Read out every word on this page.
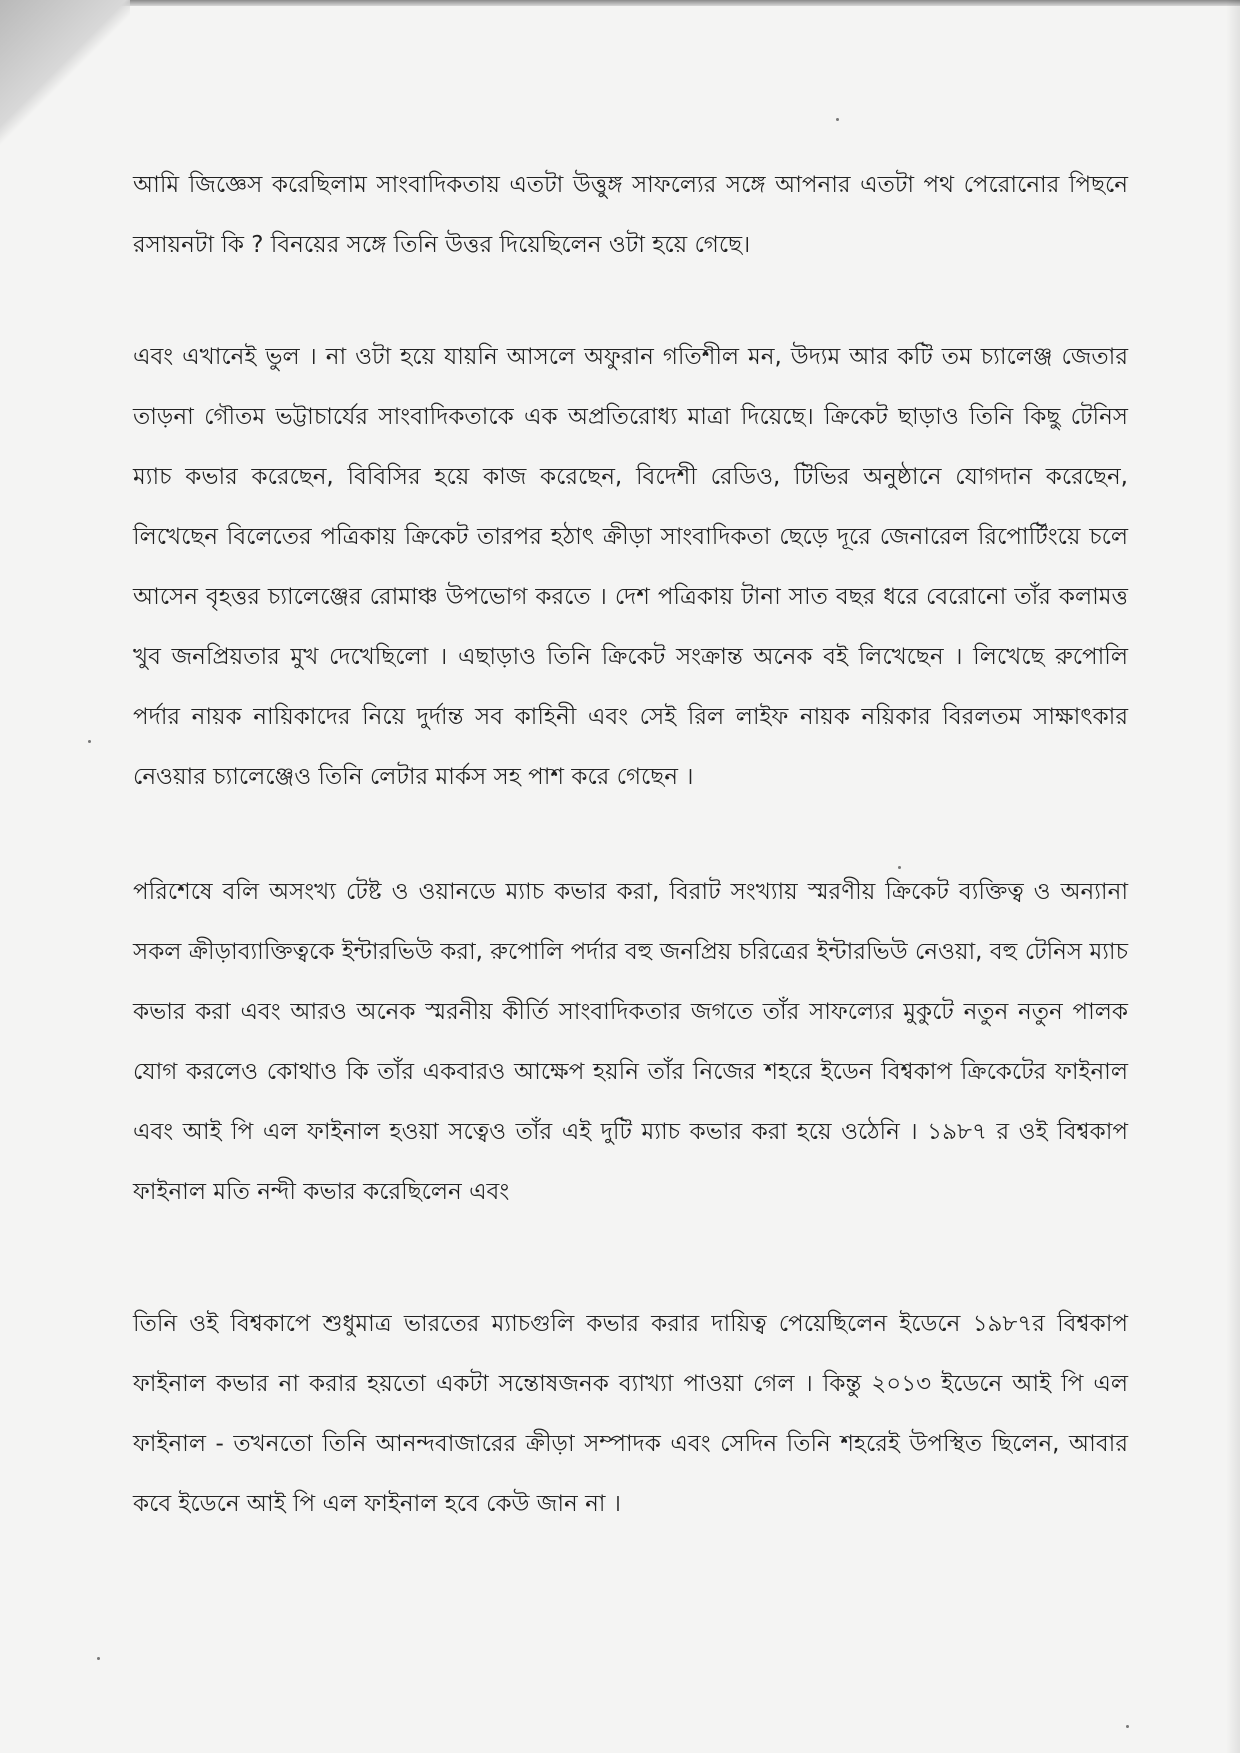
আমি জিজ্ঞেস করেছিলাম সাংবাদিকতায় এতটা উত্তুঙ্গ সাফল্যের সঙ্গে আপনার এতটা পথ পেরোনোর পিছনে রসায়নটা কি ? বিনয়ের সঙ্গে তিনি উত্তর দিয়েছিলেন ওটা হয়ে গেছে।

এবং এখানেই ভুল । না ওটা হয়ে যায়নি আসলে অফুরান গতিশীল মন, উদ্যম আর কটি তম চ্যালেঞ্জ জেতার তাড়না গৌতম ভট্টাচার্যের সাংবাদিকতাকে এক অপ্রতিরোধ্য মাত্রা দিয়েছে। ক্রিকেট ছাড়াও তিনি কিছু টেনিস ম্যাচ কভার করেছেন, বিবিসির হয়ে কাজ করেছেন, বিদেশী রেডিও, টিভির অনুষ্ঠানে যোগদান করেছেন, লিখেছেন বিলেতের পত্রিকায় ক্রিকেট তারপর হঠাৎ ক্রীড়া সাংবাদিকতা ছেড়ে দূরে জেনারেল রিপোর্টিংয়ে চলে আসেন বৃহত্তর চ্যালেঞ্জের রোমাঞ্চ উপভোগ করতে । দেশ পত্রিকায় টানা সাত বছর ধরে বেরোনো তাঁর কলামত্ত খুব জনপ্রিয়তার মুখ দেখেছিলো । এছাড়াও তিনি ক্রিকেট সংক্রান্ত অনেক বই লিখেছেন । লিখেছে রুপোলি পর্দার নায়ক নায়িকাদের নিয়ে দুর্দান্ত সব কাহিনী এবং সেই রিল লাইফ নায়ক নয়িকার বিরলতম সাক্ষাৎকার নেওয়ার চ্যালেঞ্জেও তিনি লেটার মার্কস সহ পাশ করে গেছেন ।

পরিশেষে বলি অসংখ্য টেষ্ট ও ওয়ানডে ম্যাচ কভার করা, বিরাট সংখ্যায় স্মরণীয় ক্রিকেট ব্যক্তিত্ব ও অন্যানা সকল ক্রীড়াব্যাক্তিত্বকে ইন্টারভিউ করা, রুপোলি পর্দার বহু জনপ্রিয় চরিত্রের ইন্টারভিউ নেওয়া, বহু টেনিস ম্যাচ কভার করা এবং আরও অনেক স্মরনীয় কীর্তি সাংবাদিকতার জগতে তাঁর সাফল্যের মুকুটে নতুন নতুন পালক যোগ করলেও কোথাও কি তাঁর একবারও আক্ষেপ হয়নি তাঁর নিজের শহরে ইডেন বিশ্বকাপ ক্রিকেটের ফাইনাল এবং আই পি এল ফাইনাল হওয়া সত্বেও তাঁর এই দুটি ম্যাচ কভার করা হয়ে ওঠেনি । ১৯৮৭ র ওই বিশ্বকাপ ফাইনাল মতি নন্দী কভার করেছিলেন এবং

তিনি ওই বিশ্বকাপে শুধুমাত্র ভারতের ম্যাচগুলি কভার করার দায়িত্ব পেয়েছিলেন ইডেনে ১৯৮৭র বিশ্বকাপ ফাইনাল কভার না করার হয়তো একটা সন্তোষজনক ব্যাখ্যা পাওয়া গেল । কিন্তু ২০১৩ ইডেনে আই পি এল ফাইনাল - তখনতো তিনি আনন্দবাজারের ক্রীড়া সম্পাদক এবং সেদিন তিনি শহরেই উপস্থিত ছিলেন, আবার কবে ইডেনে আই পি এল ফাইনাল হবে কেউ জান না ।
